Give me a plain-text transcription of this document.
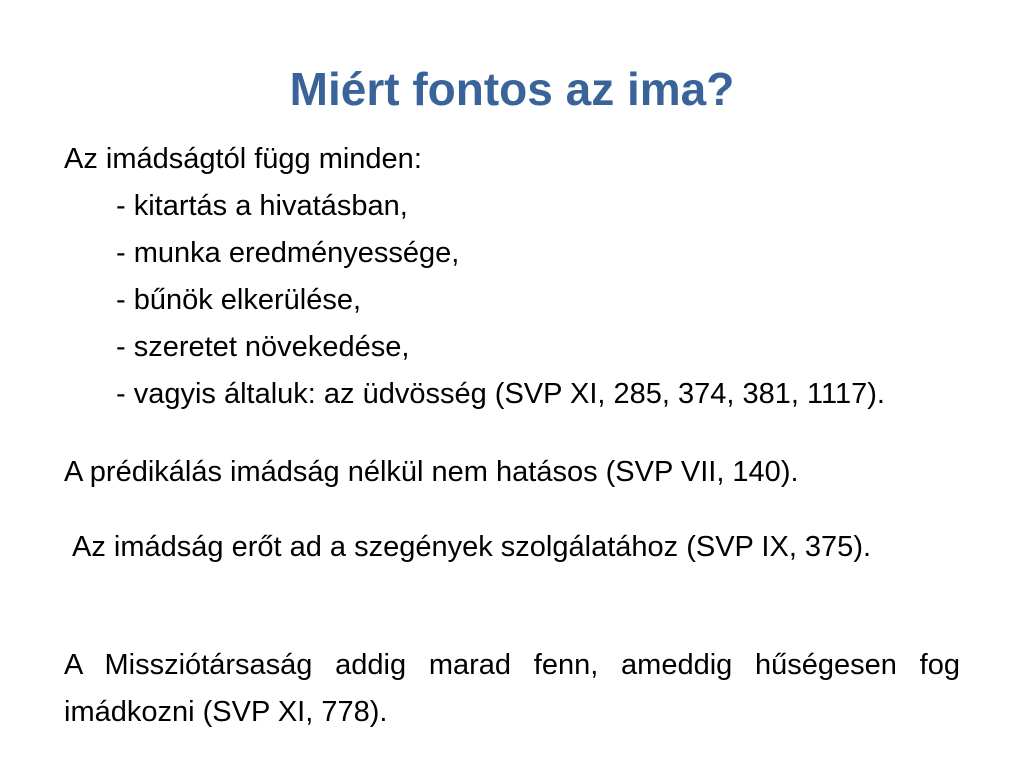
Miért fontos az ima?
Az imádságtól függ minden:
- kitartás a hivatásban,
- munka eredményessége,
- bűnök elkerülése,
- szeretet növekedése,
- vagyis általuk: az üdvösség (SVP XI, 285, 374, 381, 1117).
A prédikálás imádság nélkül nem hatásos (SVP VII, 140).
Az imádság erőt ad a szegények szolgálatához (SVP IX, 375).
A Missziótársaság addig marad fenn, ameddig hűségesen fog imádkozni (SVP XI, 778).
